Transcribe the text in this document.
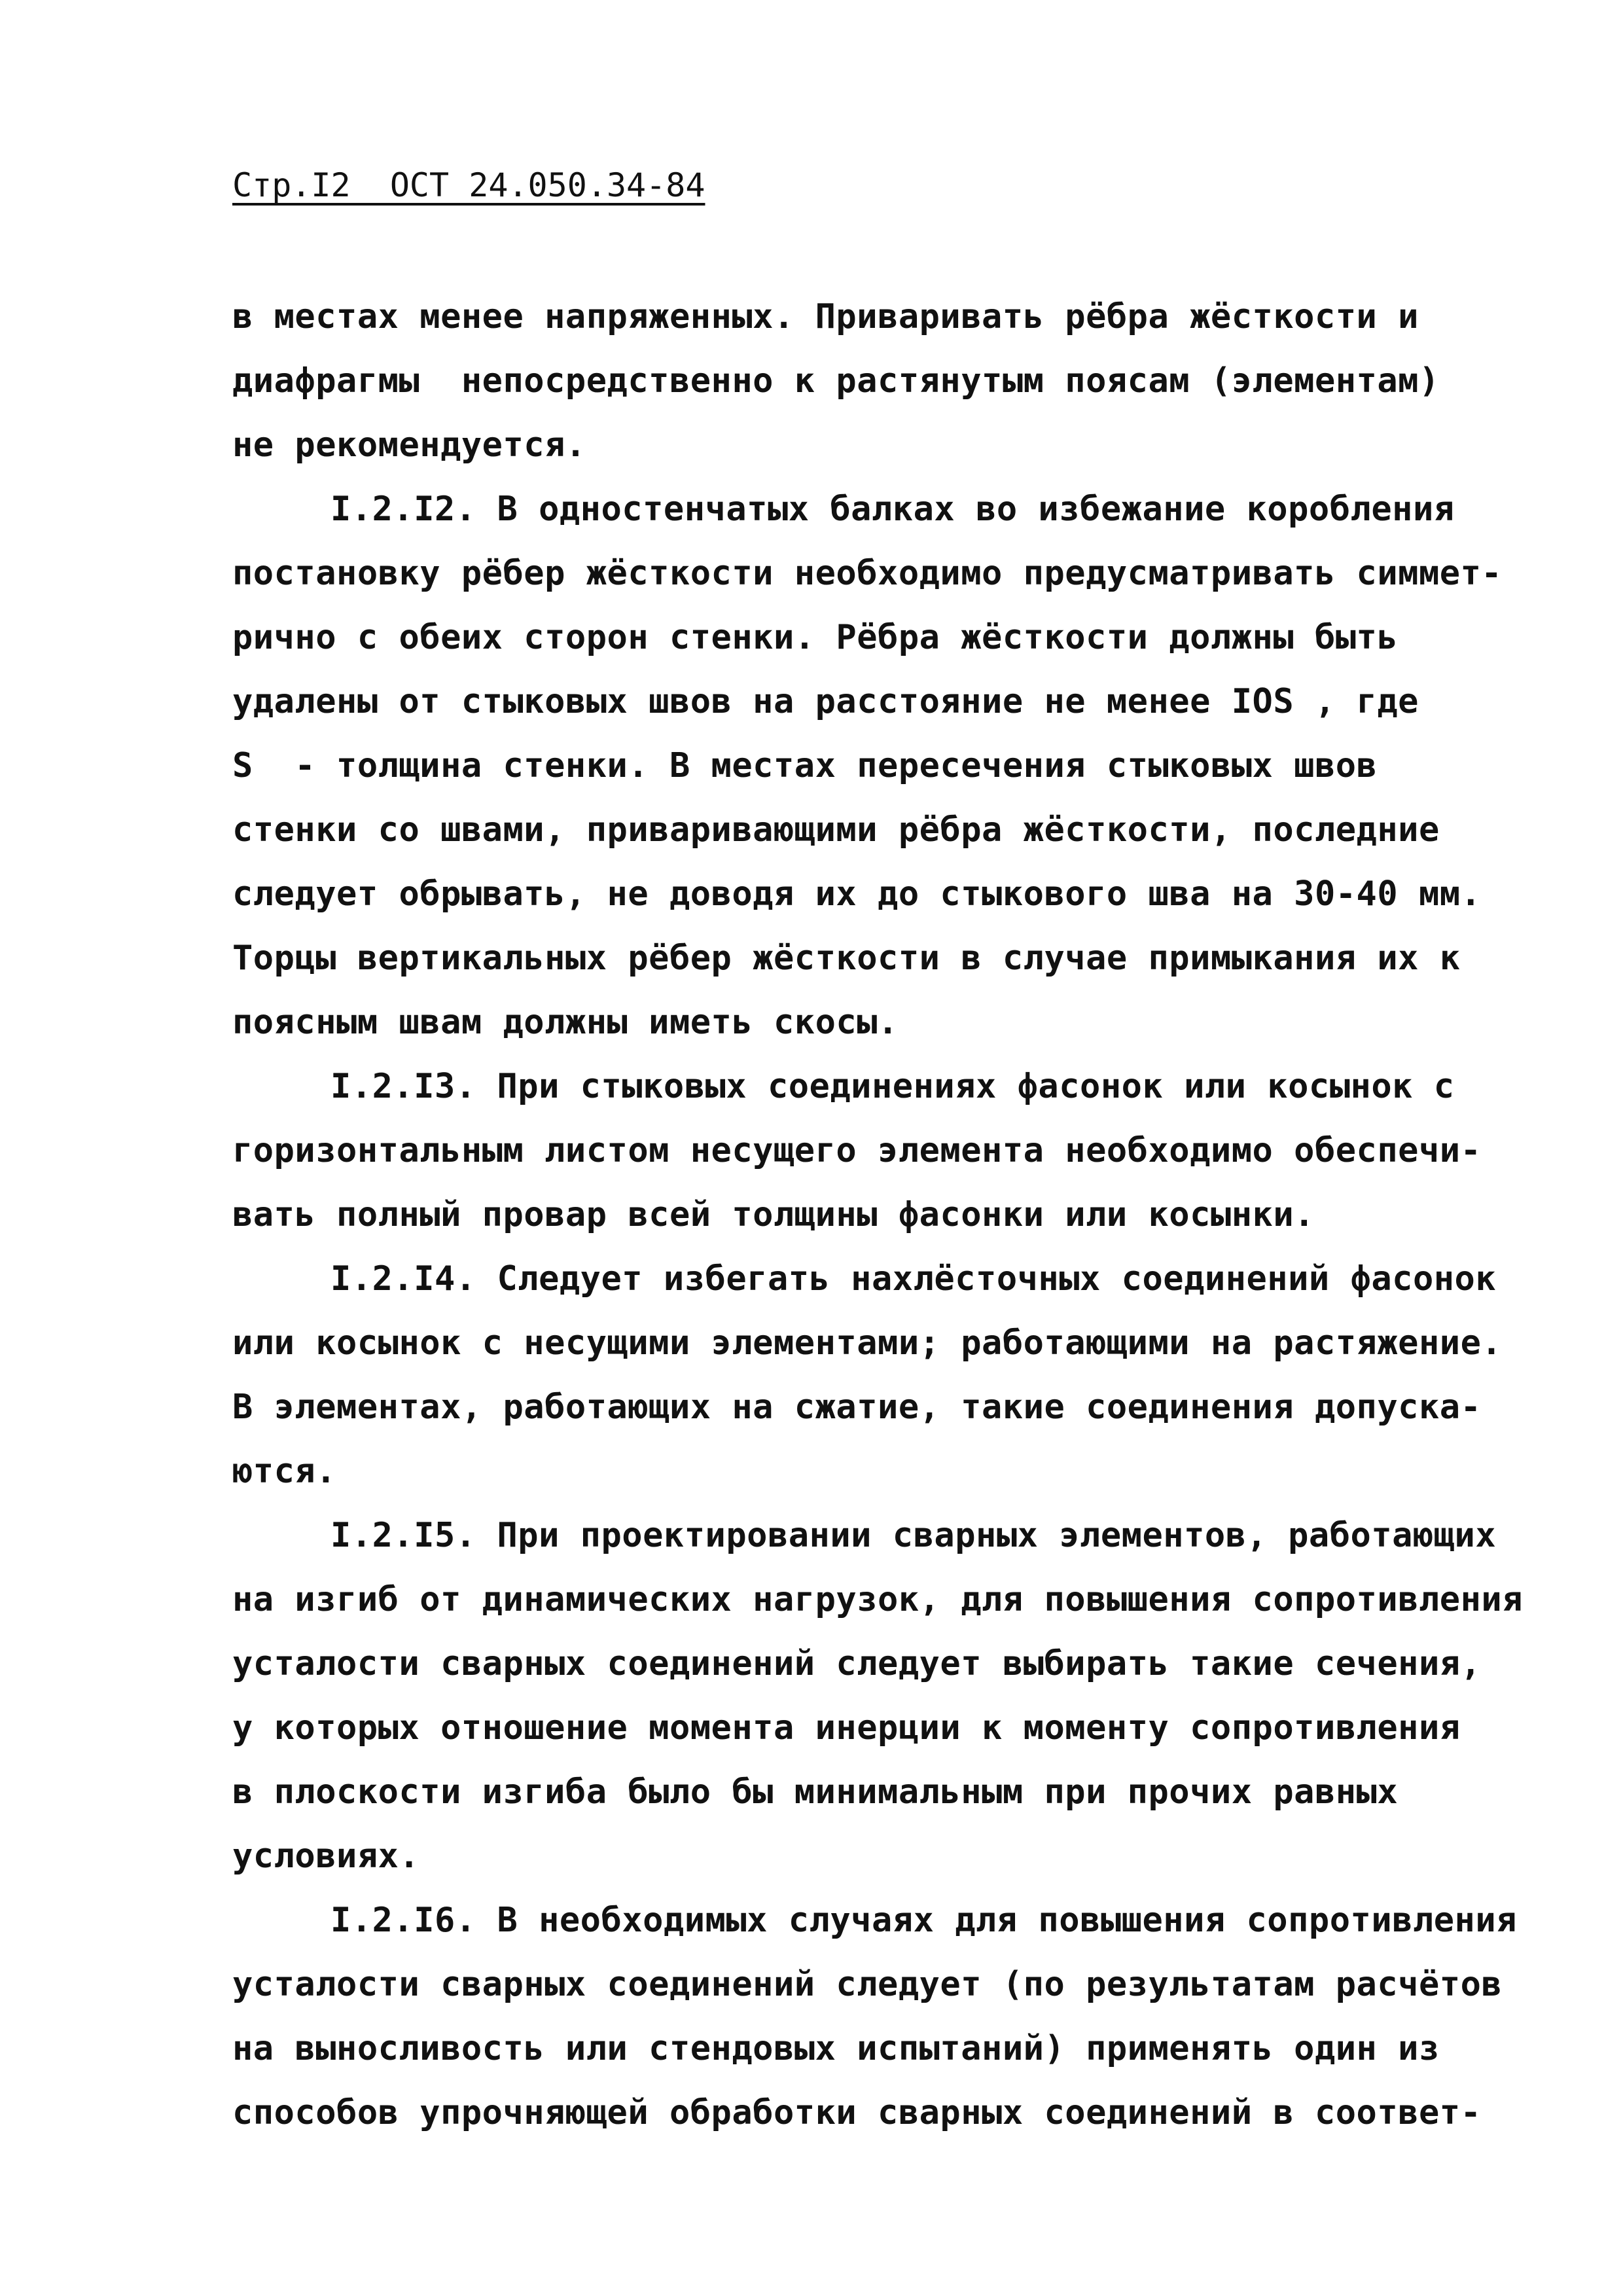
Стр.I2  ОСТ 24.050.34-84
в местах менее напряженных. Приваривать рёбра жёсткости и
диафрагмы  непосредственно к растянутым поясам (элементам)
не рекомендуется.
I.2.I2. В одностенчатых балках во избежание коробления
постановку рёбер жёсткости необходимо предусматривать симмет-
рично с обеих сторон стенки. Рёбра жёсткости должны быть
удалены от стыковых швов на расстояние не менее IOS , где
S  - толщина стенки. В местах пересечения стыковых швов
стенки со швами, приваривающими рёбра жёсткости, последние
следует обрывать, не доводя их до стыкового шва на 30-40 мм.
Торцы вертикальных рёбер жёсткости в случае примыкания их к
поясным швам должны иметь скосы.
I.2.I3. При стыковых соединениях фасонок или косынок с
горизонтальным листом несущего элемента необходимо обеспечи-
вать полный провар всей толщины фасонки или косынки.
I.2.I4. Следует избегать нахлёсточных соединений фасонок
или косынок с несущими элементами; работающими на растяжение.
В элементах, работающих на сжатие, такие соединения допуска-
ются.
I.2.I5. При проектировании сварных элементов, работающих
на изгиб от динамических нагрузок, для повышения сопротивления
усталости сварных соединений следует выбирать такие сечения,
у которых отношение момента инерции к моменту сопротивления
в плоскости изгиба было бы минимальным при прочих равных
условиях.
I.2.I6. В необходимых случаях для повышения сопротивления
усталости сварных соединений следует (по результатам расчётов
на выносливость или стендовых испытаний) применять один из
способов упрочняющей обработки сварных соединений в соответ-
